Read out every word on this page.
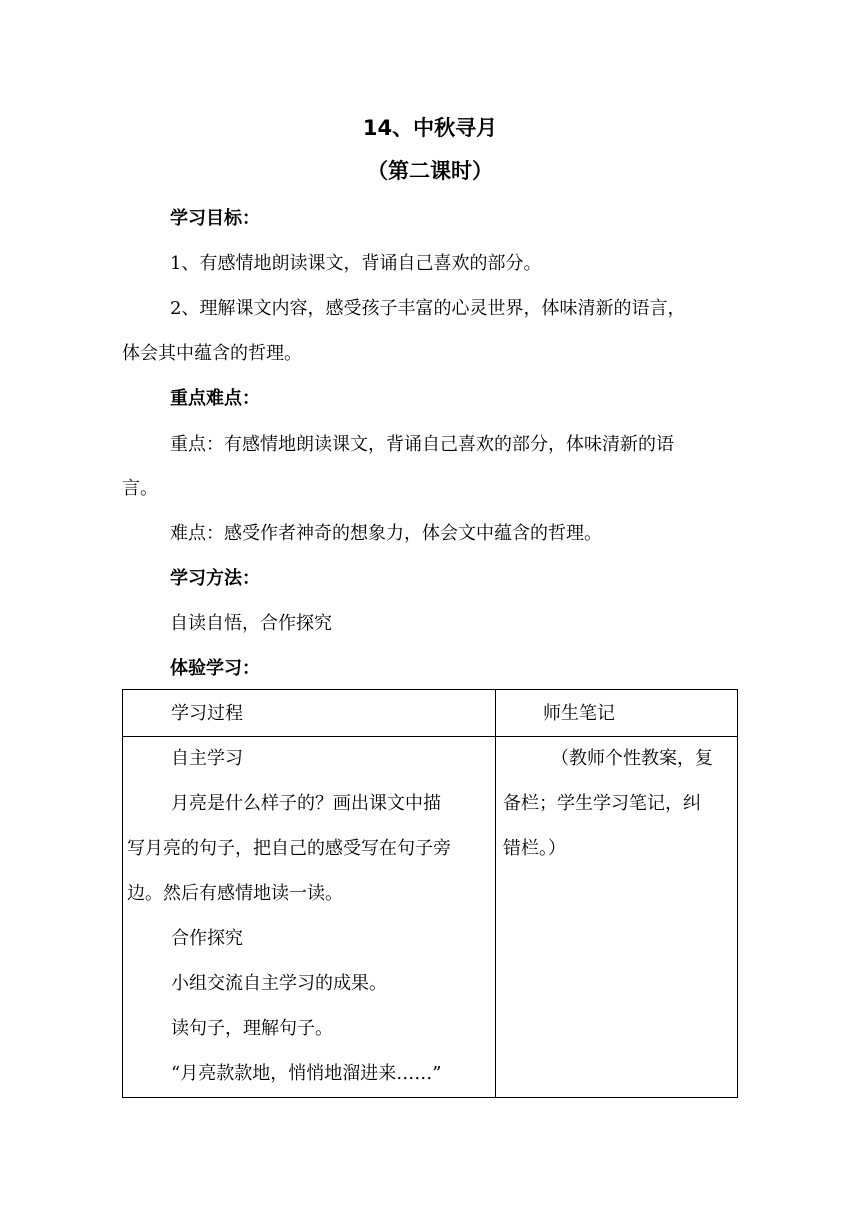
14、中秋寻月
（第二课时）
学习目标：
1、有感情地朗读课文，背诵自己喜欢的部分。
2、理解课文内容，感受孩子丰富的心灵世界，体味清新的语言，
体会其中蕴含的哲理。
重点难点：
重点：有感情地朗读课文，背诵自己喜欢的部分，体味清新的语
言。
难点：感受作者神奇的想象力，体会文中蕴含的哲理。
学习方法：
自读自悟，合作探究
体验学习：
学习过程	师生笔记
自主学习
月亮是什么样子的？画出课文中描
写月亮的句子，把自己的感受写在句子旁
边。然后有感情地读一读。
合作探究
小组交流自主学习的成果。
读句子，理解句子。
“月亮款款地，悄悄地溜进来……”
（教师个性教案，复
备栏；学生学习笔记，纠
错栏。）
